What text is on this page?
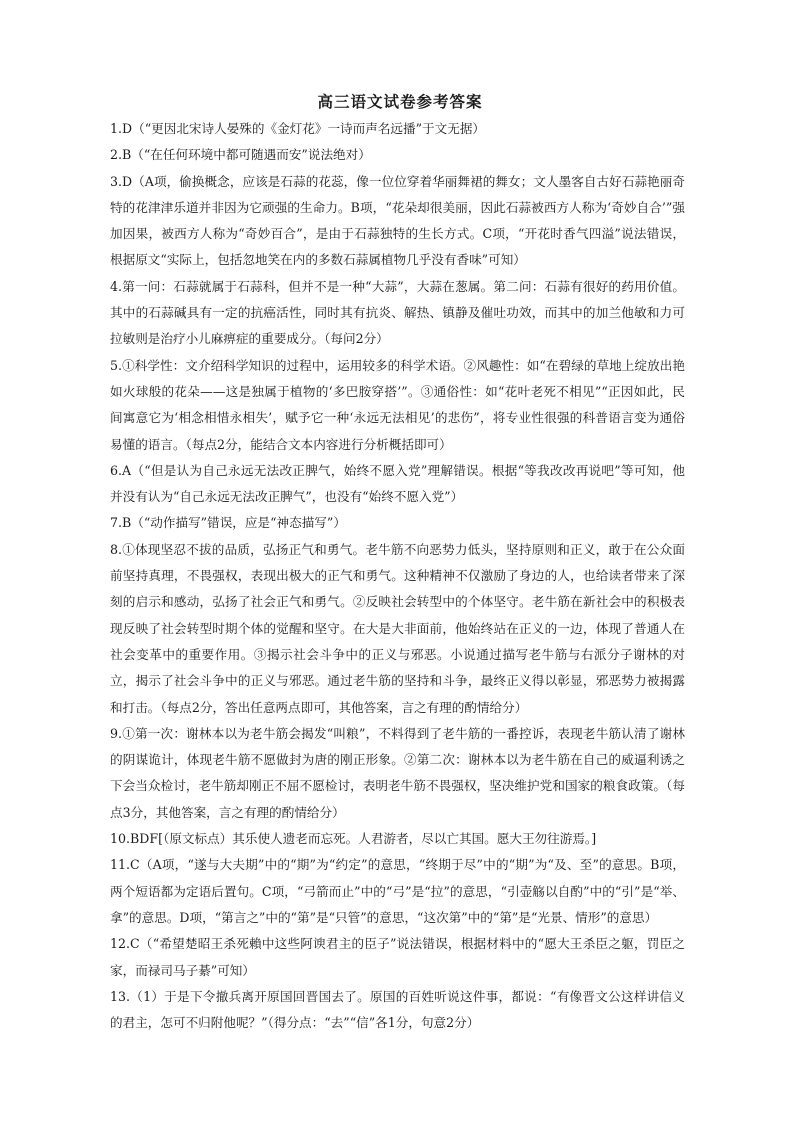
高三语文试卷参考答案

1.D（“更因北宋诗人晏殊的《金灯花》一诗而声名远播”于文无据）

2.B（“在任何环境中都可随遇而安”说法绝对）

3.D（A项，偷换概念，应该是石蒜的花蕊，像一位位穿着华丽舞裙的舞女；文人墨客自古好石蒜艳丽奇特的花津津乐道并非因为它顽强的生命力。B项，“花朵却很美丽，因此石蒜被西方人称为‘奇妙自合’”强加因果，被西方人称为“奇妙百合”，是由于石蒜独特的生长方式。C项，“开花时香气四溢”说法错误，根据原文“实际上，包括忽地笑在内的多数石蒜属植物几乎没有香味”可知）

4.第一问：石蒜就属于石蒜科，但并不是一种“大蒜”，大蒜在葱属。第二问：石蒜有很好的药用价值。其中的石蒜碱具有一定的抗癌活性，同时其有抗炎、解热、镇静及催吐功效，而其中的加兰他敏和力可拉敏则是治疗小儿麻痹症的重要成分。（每问2分）

5.①科学性：文介绍科学知识的过程中，运用较多的科学术语。②风趣性：如“在碧绿的草地上绽放出艳如火球般的花朵——这是独属于植物的‘多巴胺穿搭’”。③通俗性：如“花叶老死不相见”“正因如此，民间寓意它为‘相念相惜永相失’，赋予它一种‘永远无法相见’的悲伤”，将专业性很强的科普语言变为通俗易懂的语言。（每点2分，能结合文本内容进行分析概括即可）

6.A（“但是认为自己永远无法改正脾气，始终不愿入党”理解错误。根据“等我改改再说吧”等可知，他并没有认为“自己永远无法改正脾气”，也没有“始终不愿入党”）

7.B（“动作描写”错误，应是“神态描写”）

8.①体现坚忍不拔的品质，弘扬正气和勇气。老牛筋不向恶势力低头，坚持原则和正义，敢于在公众面前坚持真理，不畏强权，表现出极大的正气和勇气。这种精神不仅激励了身边的人，也给读者带来了深刻的启示和感动，弘扬了社会正气和勇气。②反映社会转型中的个体坚守。老牛筋在新社会中的积极表现反映了社会转型时期个体的觉醒和坚守。在大是大非面前，他始终站在正义的一边，体现了普通人在社会变革中的重要作用。③揭示社会斗争中的正义与邪恶。小说通过描写老牛筋与右派分子谢林的对立，揭示了社会斗争中的正义与邪恶。通过老牛筋的坚持和斗争，最终正义得以彰显，邪恶势力被揭露和打击。（每点2分，答出任意两点即可，其他答案，言之有理的酌情给分）

9.①第一次：谢林本以为老牛筋会揭发“叫粮”，不料得到了老牛筋的一番控诉，表现老牛筋认清了谢林的阴谋诡计，体现老牛筋不愿做封为唐的刚正形象。②第二次：谢林本以为老牛筋在自己的威逼利诱之下会当众检讨，老牛筋却刚正不屈不愿检讨，表明老牛筋不畏强权，坚决维护党和国家的粮食政策。（每点3分，其他答案，言之有理的酌情给分）

10.BDF[（原文标点）其乐使人遗老而忘死。人君游者，尽以亡其国。愿大王勿往游焉。]

11.C（A项，“遂与大夫期”中的“期”为“约定”的意思，“终期于尽”中的“期”为“及、至”的意思。B项，两个短语都为定语后置句。C项，“弓箭而止”中的“弓”是“拉”的意思，“引壶觞以自酌”中的“引”是“举、拿”的意思。D项，“第言之”中的“第”是“只管”的意思，“这次第”中的“第”是“光景、情形”的意思）

12.C（“希望楚昭王杀死賴中这些阿谀君主的臣子”说法错误，根据材料中的“愿大王杀臣之躯，罚臣之家，而禄司马子綦”可知）

13.（1）于是下令撤兵离开原国回晋国去了。原国的百姓听说这件事，都说：“有像晋文公这样讲信义的君主，怎可不归附他呢？”（得分点：“去”“信”各1分，句意2分）
